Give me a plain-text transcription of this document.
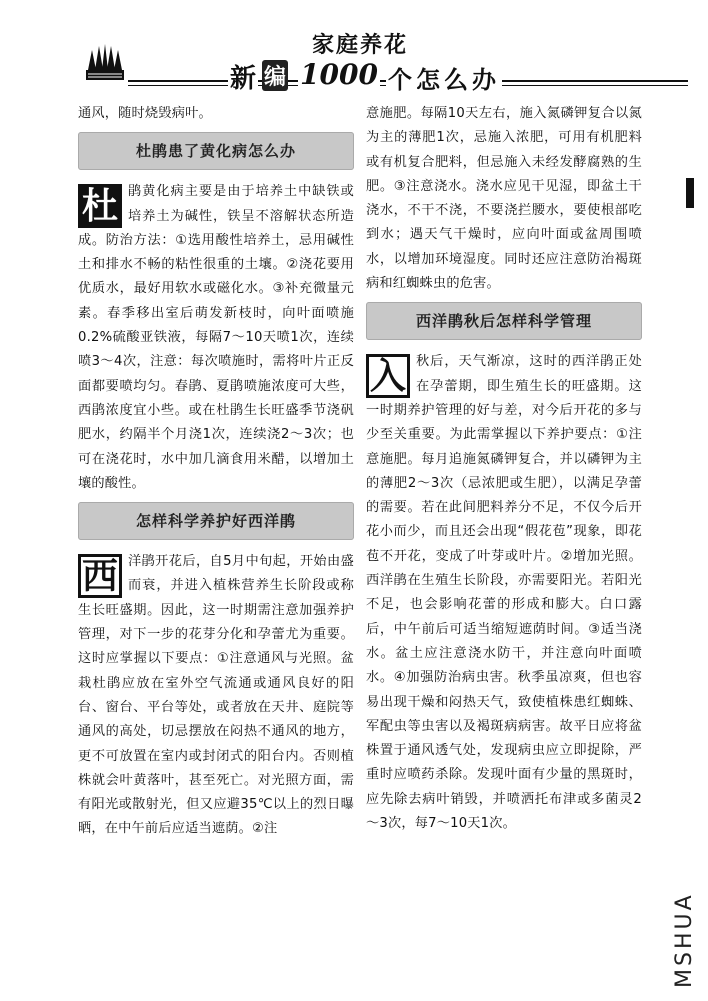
家庭养花
新 编 1000 个怎么办

通风，随时烧毁病叶。

杜鹃患了黄化病怎么办

杜 鹃黄化病主要是由于培养土中缺铁或培养土为碱性，铁呈不溶解状态所造成。防治方法：①选用酸性培养土，忌用碱性土和排水不畅的粘性很重的土壤。②浇花要用优质水，最好用软水或磁化水。③补充微量元素。春季移出室后萌发新枝时，向叶面喷施0.2%硫酸亚铁液，每隔7～10天喷1次，连续喷3～4次，注意：每次喷施时，需将叶片正反面都要喷均匀。春鹃、夏鹃喷施浓度可大些，西鹃浓度宜小些。或在杜鹃生长旺盛季节浇矾肥水，约隔半个月浇1次，连续浇2～3次；也可在浇花时，水中加几滴食用米醋，以增加土壤的酸性。

怎样科学养护好西洋鹃

西 洋鹃开花后，自5月中旬起，开始由盛而衰，并进入植株营养生长阶段或称生长旺盛期。因此，这一时期需注意加强养护管理，对下一步的花芽分化和孕蕾尤为重要。这时应掌握以下要点：①注意通风与光照。盆栽杜鹃应放在室外空气流通或通风良好的阳台、窗台、平台等处，或者放在天井、庭院等通风的高处，切忌摆放在闷热不通风的地方，更不可放置在室内或封闭式的阳台内。否则植株就会叶黄落叶，甚至死亡。对光照方面，需有阳光或散射光，但又应避35℃以上的烈日曝晒，在中午前后应适当遮荫。②注

意施肥。每隔10天左右，施入氮磷钾复合以氮为主的薄肥1次，忌施入浓肥，可用有机肥料或有机复合肥料，但忌施入未经发酵腐熟的生肥。③注意浇水。浇水应见干见湿，即盆土干浇水，不干不浇，不要浇拦腰水，要使根部吃到水；遇天气干燥时，应向叶面或盆周围喷水，以增加环境湿度。同时还应注意防治褐斑病和红蜘蛛虫的危害。

西洋鹃秋后怎样科学管理

入 秋后，天气渐凉，这时的西洋鹃正处在孕蕾期，即生殖生长的旺盛期。这一时期养护管理的好与差，对今后开花的多与少至关重要。为此需掌握以下养护要点：①注意施肥。每月追施氮磷钾复合，并以磷钾为主的薄肥2～3次（忌浓肥或生肥），以满足孕蕾的需要。若在此间肥料养分不足，不仅今后开花小而少，而且还会出现“假花苞”现象，即花苞不开花，变成了叶芽或叶片。②增加光照。西洋鹃在生殖生长阶段，亦需要阳光。若阳光不足，也会影响花蕾的形成和膨大。白口露后，中午前后可适当缩短遮荫时间。③适当浇水。盆土应注意浇水防干，并注意向叶面喷水。④加强防治病虫害。秋季虽凉爽，但也容易出现干燥和闷热天气，致使植株患红蜘蛛、军配虫等虫害以及褐斑病病害。故平日应将盆株置于通风透气处，发现病虫应立即捉除，严重时应喷药杀除。发现叶面有少量的黑斑时，应先除去病叶销毁，并喷洒托布津或多菌灵2～3次，每7～10天1次。

MSHUA
